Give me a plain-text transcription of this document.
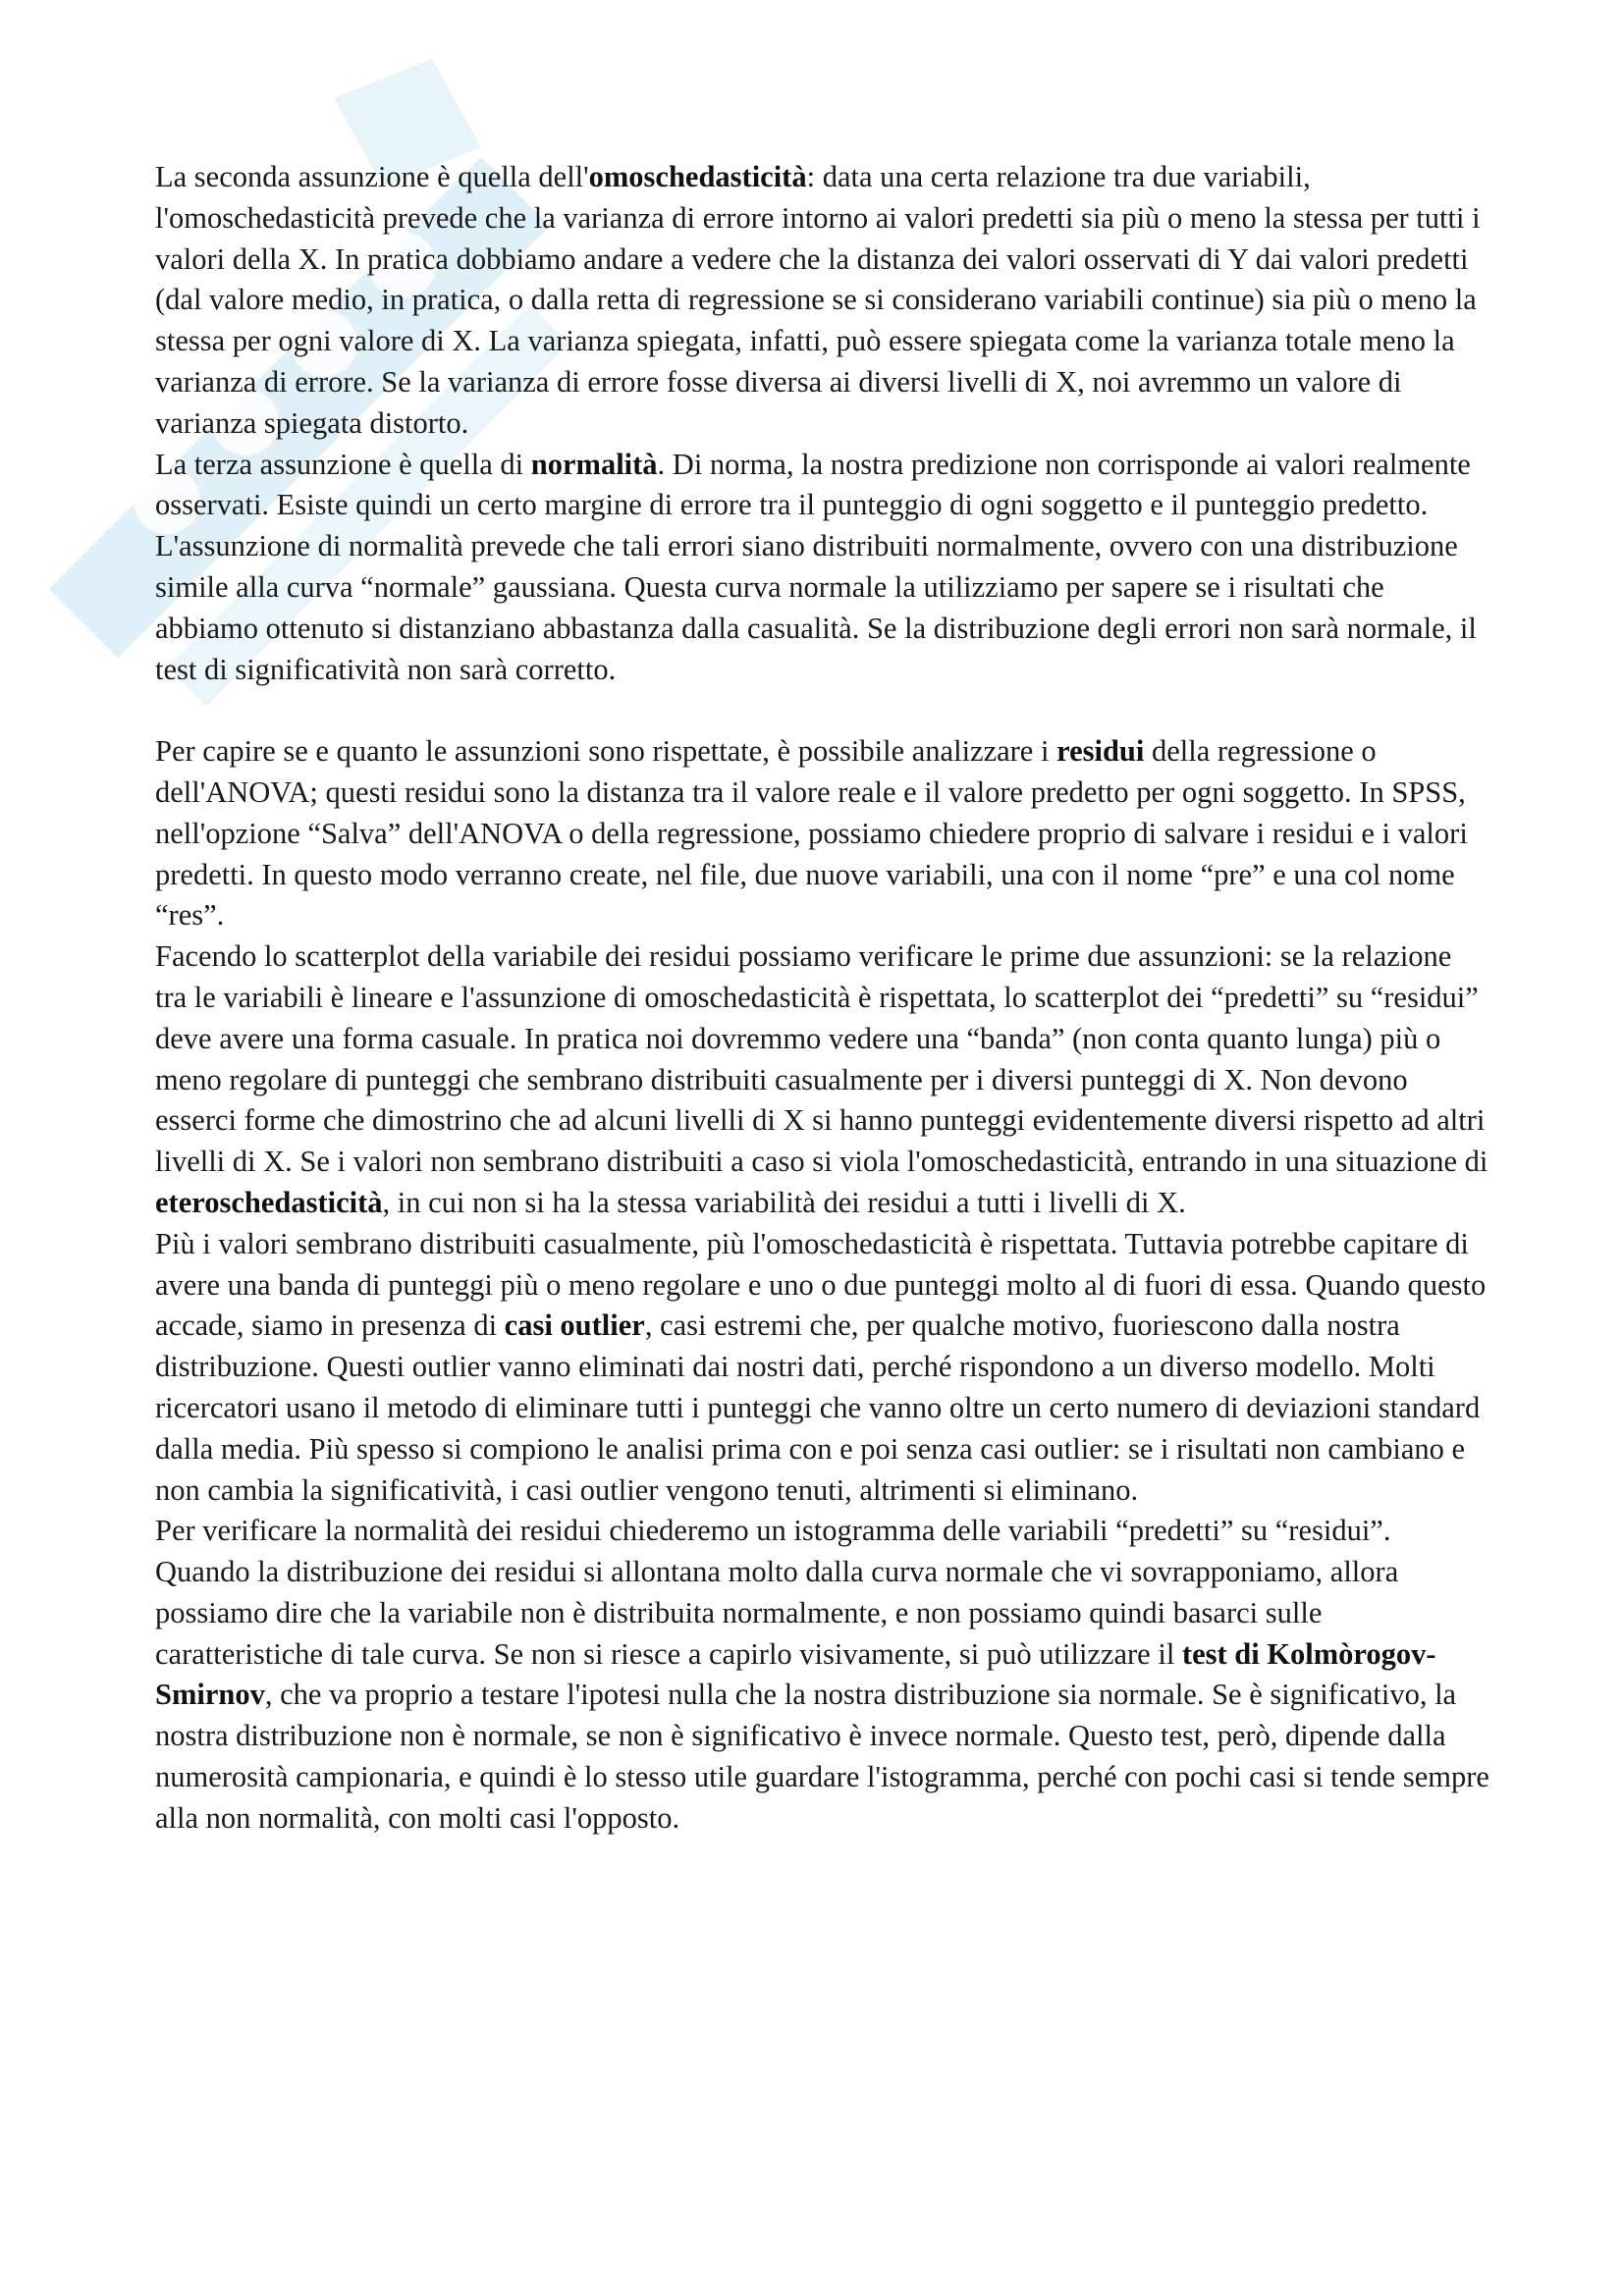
La seconda assunzione è quella dell'omoschedasticità: data una certa relazione tra due variabili, l'omoschedasticità prevede che la varianza di errore intorno ai valori predetti sia più o meno la stessa per tutti i valori della X. In pratica dobbiamo andare a vedere che la distanza dei valori osservati di Y dai valori predetti (dal valore medio, in pratica, o dalla retta di regressione se si considerano variabili continue) sia più o meno la stessa per ogni valore di X. La varianza spiegata, infatti, può essere spiegata come la varianza totale meno la varianza di errore. Se la varianza di errore fosse diversa ai diversi livelli di X, noi avremmo un valore di varianza spiegata distorto.

La terza assunzione è quella di normalità. Di norma, la nostra predizione non corrisponde ai valori realmente osservati. Esiste quindi un certo margine di errore tra il punteggio di ogni soggetto e il punteggio predetto. L'assunzione di normalità prevede che tali errori siano distribuiti normalmente, ovvero con una distribuzione simile alla curva “normale” gaussiana. Questa curva normale la utilizziamo per sapere se i risultati che abbiamo ottenuto si distanziano abbastanza dalla casualità. Se la distribuzione degli errori non sarà normale, il test di significatività non sarà corretto.

Per capire se e quanto le assunzioni sono rispettate, è possibile analizzare i residui della regressione o dell'ANOVA; questi residui sono la distanza tra il valore reale e il valore predetto per ogni soggetto. In SPSS, nell'opzione “Salva” dell'ANOVA o della regressione, possiamo chiedere proprio di salvare i residui e i valori predetti. In questo modo verranno create, nel file, due nuove variabili, una con il nome “pre” e una col nome “res”.

Facendo lo scatterplot della variabile dei residui possiamo verificare le prime due assunzioni: se la relazione tra le variabili è lineare e l'assunzione di omoschedasticità è rispettata, lo scatterplot dei “predetti” su “residui” deve avere una forma casuale. In pratica noi dovremmo vedere una “banda” (non conta quanto lunga) più o meno regolare di punteggi che sembrano distribuiti casualmente per i diversi punteggi di X. Non devono esserci forme che dimostrino che ad alcuni livelli di X si hanno punteggi evidentemente diversi rispetto ad altri livelli di X. Se i valori non sembrano distribuiti a caso si viola l'omoschedasticità, entrando in una situazione di eteroschedasticità, in cui non si ha la stessa variabilità dei residui a tutti i livelli di X.

Più i valori sembrano distribuiti casualmente, più l'omoschedasticità è rispettata. Tuttavia potrebbe capitare di avere una banda di punteggi più o meno regolare e uno o due punteggi molto al di fuori di essa. Quando questo accade, siamo in presenza di casi outlier, casi estremi che, per qualche motivo, fuoriescono dalla nostra distribuzione. Questi outlier vanno eliminati dai nostri dati, perché rispondono a un diverso modello. Molti ricercatori usano il metodo di eliminare tutti i punteggi che vanno oltre un certo numero di deviazioni standard dalla media. Più spesso si compiono le analisi prima con e poi senza casi outlier: se i risultati non cambiano e non cambia la significatività, i casi outlier vengono tenuti, altrimenti si eliminano.

Per verificare la normalità dei residui chiederemo un istogramma delle variabili “predetti” su “residui”. Quando la distribuzione dei residui si allontana molto dalla curva normale che vi sovrapponiamo, allora possiamo dire che la variabile non è distribuita normalmente, e non possiamo quindi basarci sulle caratteristiche di tale curva. Se non si riesce a capirlo visivamente, si può utilizzare il test di Kolmòrogov-Smirnov, che va proprio a testare l'ipotesi nulla che la nostra distribuzione sia normale. Se è significativo, la nostra distribuzione non è normale, se non è significativo è invece normale. Questo test, però, dipende dalla numerosità campionaria, e quindi è lo stesso utile guardare l'istogramma, perché con pochi casi si tende sempre alla non normalità, con molti casi l'opposto.
